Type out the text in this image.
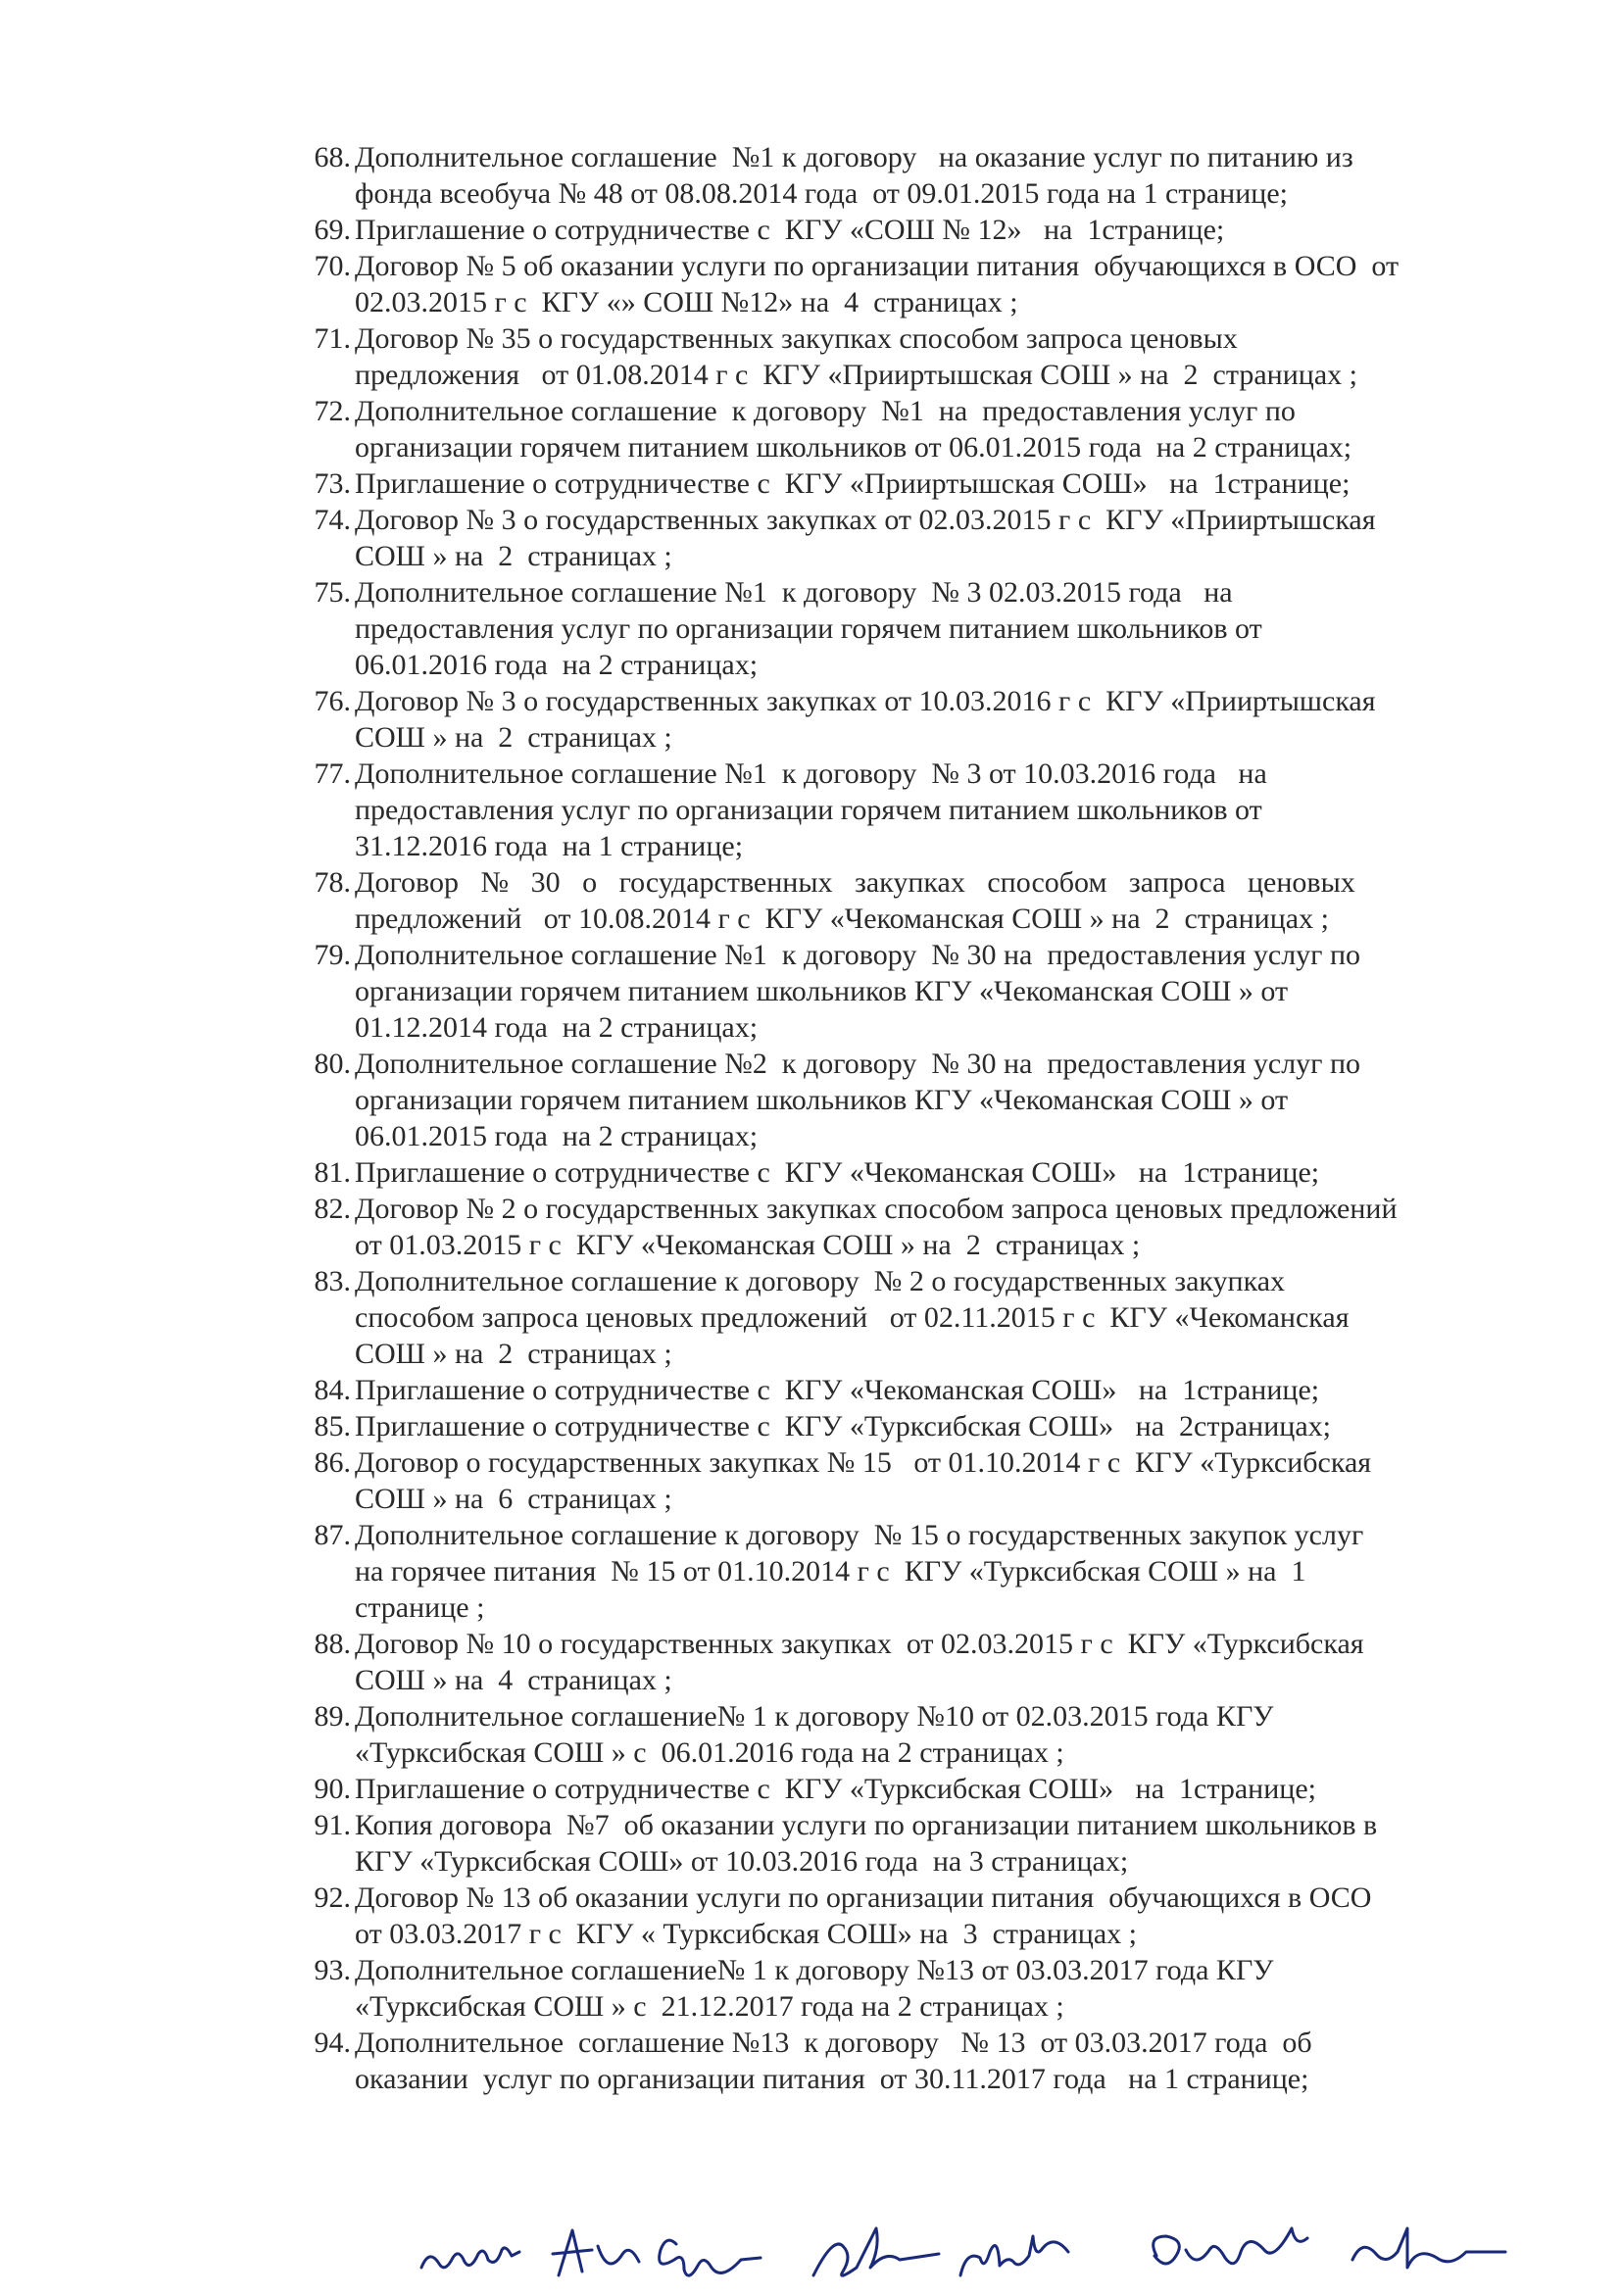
68. Дополнительное соглашение  №1 к договору   на оказание услуг по питанию из
фонда всеобуча № 48 от 08.08.2014 года  от 09.01.2015 года на 1 странице;
69. Приглашение о сотрудничестве с  КГУ «СОШ № 12»   на  1странице;
70. Договор № 5 об оказании услуги по организации питания  обучающихся в ОСО  от
02.03.2015 г с  КГУ «» СОШ №12» на  4  страницах ;
71. Договор № 35 о государственных закупках способом запроса ценовых
предложения   от 01.08.2014 г с  КГУ «Прииртышская СОШ » на  2  страницах ;
72. Дополнительное соглашение  к договору  №1  на  предоставления услуг по
организации горячем питанием школьников от 06.01.2015 года  на 2 страницах;
73. Приглашение о сотрудничестве с  КГУ «Прииртышская СОШ»   на  1странице;
74. Договор № 3 о государственных закупках от 02.03.2015 г с  КГУ «Прииртышская
СОШ » на  2  страницах ;
75. Дополнительное соглашение №1  к договору  № 3 02.03.2015 года   на
предоставления услуг по организации горячем питанием школьников от
06.01.2016 года  на 2 страницах;
76. Договор № 3 о государственных закупках от 10.03.2016 г с  КГУ «Прииртышская
СОШ » на  2  страницах ;
77. Дополнительное соглашение №1  к договору  № 3 от 10.03.2016 года   на
предоставления услуг по организации горячем питанием школьников от
31.12.2016 года  на 1 странице;
78. Договор   №   30   о   государственных   закупках   способом   запроса   ценовых
предложений   от 10.08.2014 г с  КГУ «Чекоманская СОШ » на  2  страницах ;
79. Дополнительное соглашение №1  к договору  № 30 на  предоставления услуг по
организации горячем питанием школьников КГУ «Чекоманская СОШ » от
01.12.2014 года  на 2 страницах;
80. Дополнительное соглашение №2  к договору  № 30 на  предоставления услуг по
организации горячем питанием школьников КГУ «Чекоманская СОШ » от
06.01.2015 года  на 2 страницах;
81. Приглашение о сотрудничестве с  КГУ «Чекоманская СОШ»   на  1странице;
82. Договор № 2 о государственных закупках способом запроса ценовых предложений
от 01.03.2015 г с  КГУ «Чекоманская СОШ » на  2  страницах ;
83. Дополнительное соглашение к договору  № 2 о государственных закупках
способом запроса ценовых предложений   от 02.11.2015 г с  КГУ «Чекоманская
СОШ » на  2  страницах ;
84. Приглашение о сотрудничестве с  КГУ «Чекоманская СОШ»   на  1странице;
85. Приглашение о сотрудничестве с  КГУ «Турксибская СОШ»   на  2страницах;
86. Договор о государственных закупках № 15   от 01.10.2014 г с  КГУ «Турксибская
СОШ » на  6  страницах ;
87. Дополнительное соглашение к договору  № 15 о государственных закупок услуг
на горячее питания  № 15 от 01.10.2014 г с  КГУ «Турксибская СОШ » на  1
странице ;
88. Договор № 10 о государственных закупках  от 02.03.2015 г с  КГУ «Турксибская
СОШ » на  4  страницах ;
89. Дополнительное соглашение№ 1 к договору №10 от 02.03.2015 года КГУ
«Турксибская СОШ » с  06.01.2016 года на 2 страницах ;
90. Приглашение о сотрудничестве с  КГУ «Турксибская СОШ»   на  1странице;
91. Копия договора  №7  об оказании услуги по организации питанием школьников в
КГУ «Турксибская СОШ» от 10.03.2016 года  на 3 страницах;
92. Договор № 13 об оказании услуги по организации питания  обучающихся в ОСО
от 03.03.2017 г с  КГУ « Турксибская СОШ» на  3  страницах ;
93. Дополнительное соглашение№ 1 к договору №13 от 03.03.2017 года КГУ
«Турксибская СОШ » с  21.12.2017 года на 2 страницах ;
94. Дополнительное  соглашение №13  к договору   № 13  от 03.03.2017 года  об
оказании  услуг по организации питания  от 30.11.2017 года   на 1 странице;
